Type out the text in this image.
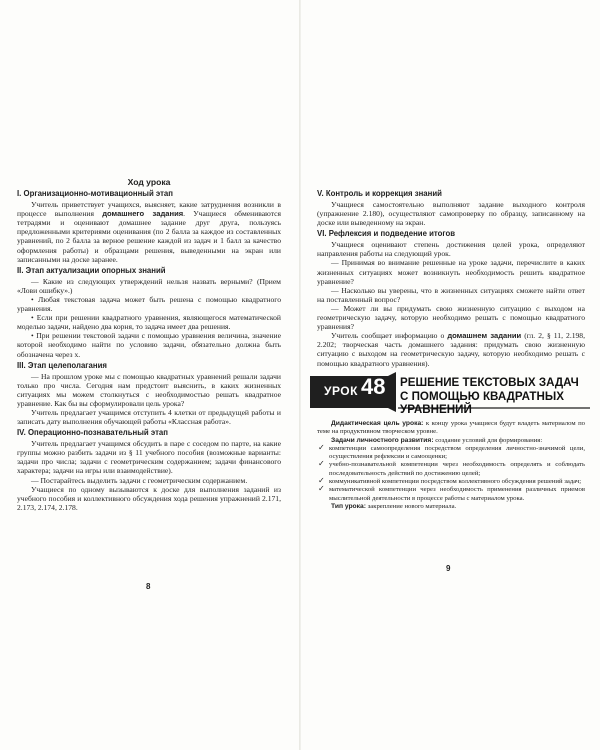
Ход урока
I. Организационно-мотивационный этап

Учитель приветствует учащихся, выясняет, какие затруднения возникли в процессе выполнения домашнего задания. Учащиеся обмениваются тетрадями и оценивают домашнее задание друг друга, пользуясь предложенными критериями оценивания (по 2 балла за каждое из составленных уравнений, по 2 балла за верное решение каждой из задач и 1 балл за качество оформления работы) и образцами решения, выведенными на экран или записанными на доске заранее.

II. Этап актуализации опорных знаний

— Какие из следующих утверждений нельзя назвать верными? (Прием «Лови ошибку».)

• Любая текстовая задача может быть решена с помощью квадратного уравнения.

• Если при решении квадратного уравнения, являющегося математической моделью задачи, найдено два корня, то задача имеет два решения.

• При решении текстовой задачи с помощью уравнения величина, значение которой необходимо найти по условию задачи, обязательно должна быть обозначена через x.

III. Этап целеполагания

— На прошлом уроке мы с помощью квадратных уравнений решали задачи только про числа. Сегодня нам предстоит выяснить, в каких жизненных ситуациях мы можем столкнуться с необходимостью решать квадратное уравнение. Как бы вы сформулировали цель урока?

Учитель предлагает учащимся отступить 4 клетки от предыдущей работы и записать дату выполнения обучающей работы «Классная работа».

IV. Операционно-познавательный этап

Учитель предлагает учащимся обсудить в паре с соседом по парте, на какие группы можно разбить задачи из § 11 учебного пособия (возможные варианты: задачи про числа; задачи с геометрическим содержанием; задачи финансового характера; задачи на игры или взаимодействие).

— Постарайтесь выделить задачи с геометрическим содержанием.

Учащиеся по одному вызываются к доске для выполнения заданий из учебного пособия и коллективного обсуждения хода решения упражнений 2.171, 2.173, 2.174, 2.178.

8
V. Контроль и коррекция знаний

Учащиеся самостоятельно выполняют задание выходного контроля (упражнение 2.180), осуществляют самопроверку по образцу, записанному на доске или выведенному на экран.

VI. Рефлексия и подведение итогов

Учащиеся оценивают степень достижения целей урока, определяют направления работы на следующий урок.

— Принимая во внимание решенные на уроке задачи, перечислите в каких жизненных ситуациях может возникнуть необходимость решить квадратное уравнение?

— Насколько вы уверены, что в жизненных ситуациях сможете найти ответ на поставленный вопрос?

— Может ли вы придумать свою жизненную ситуацию с выходом на геометрическую задачу, которую необходимо решать с помощью квадратного уравнения?

Учитель сообщает информацию о домашнем задании (гл. 2, § 11, 2.198, 2.202; творческая часть домашнего задания: придумать свою жизненную ситуацию с выходом на геометрическую задачу, которую необходимо решать с помощью квадратного уравнения).

УРОК 48 РЕШЕНИЕ ТЕКСТОВЫХ ЗАДАЧ
С ПОМОЩЬЮ КВАДРАТНЫХ УРАВНЕНИЙ

Дидактическая цель урока: к концу урока учащиеся будут владеть материалом по теме на продуктивном творческом уровне.

Задачи личностного развития: создание условий для формирования:

✓ компетенции самоопределения посредством определения личностно-значимой цели, осуществления рефлексии и самооценки;
✓ учебно-познавательной компетенции через необходимость определять и соблюдать последовательность действий по достижению целей;
✓ коммуникативной компетенции посредством коллективного обсуждения решений задач;
✓ математической компетенции через необходимость применения различных приемов мыслительной деятельности в процессе работы с материалом урока.

Тип урока: закрепление нового материала.

9
